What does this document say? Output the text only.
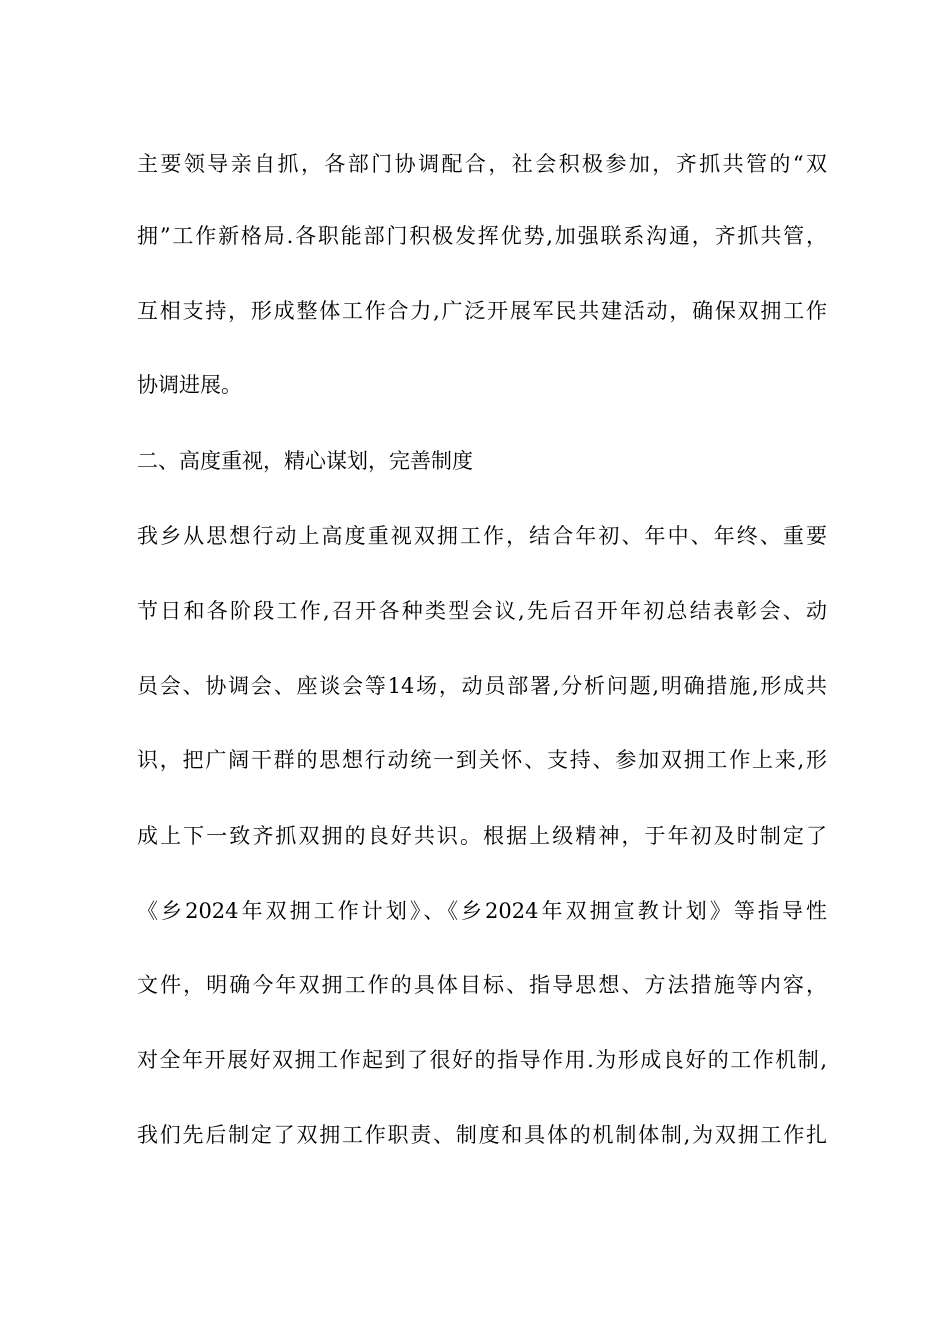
主要领导亲自抓，各部门协调配合，社会积极参加，齐抓共管的“双
拥”工作新格局.各职能部门积极发挥优势,加强联系沟通，齐抓共管，
互相支持，形成整体工作合力,广泛开展军民共建活动，确保双拥工作
协调进展。
二、高度重视，精心谋划，完善制度
我乡从思想行动上高度重视双拥工作，结合年初、年中、年终、重要
节日和各阶段工作,召开各种类型会议,先后召开年初总结表彰会、动
员会、协调会、座谈会等14场，动员部署,分析问题,明确措施,形成共
识，把广阔干群的思想行动统一到关怀、支持、参加双拥工作上来,形
成上下一致齐抓双拥的良好共识。根据上级精神，于年初及时制定了
《乡2024年双拥工作计划》、《乡2024年双拥宣教计划》等指导性
文件，明确今年双拥工作的具体目标、指导思想、方法措施等内容，
对全年开展好双拥工作起到了很好的指导作用.为形成良好的工作机制,
我们先后制定了双拥工作职责、制度和具体的机制体制,为双拥工作扎
